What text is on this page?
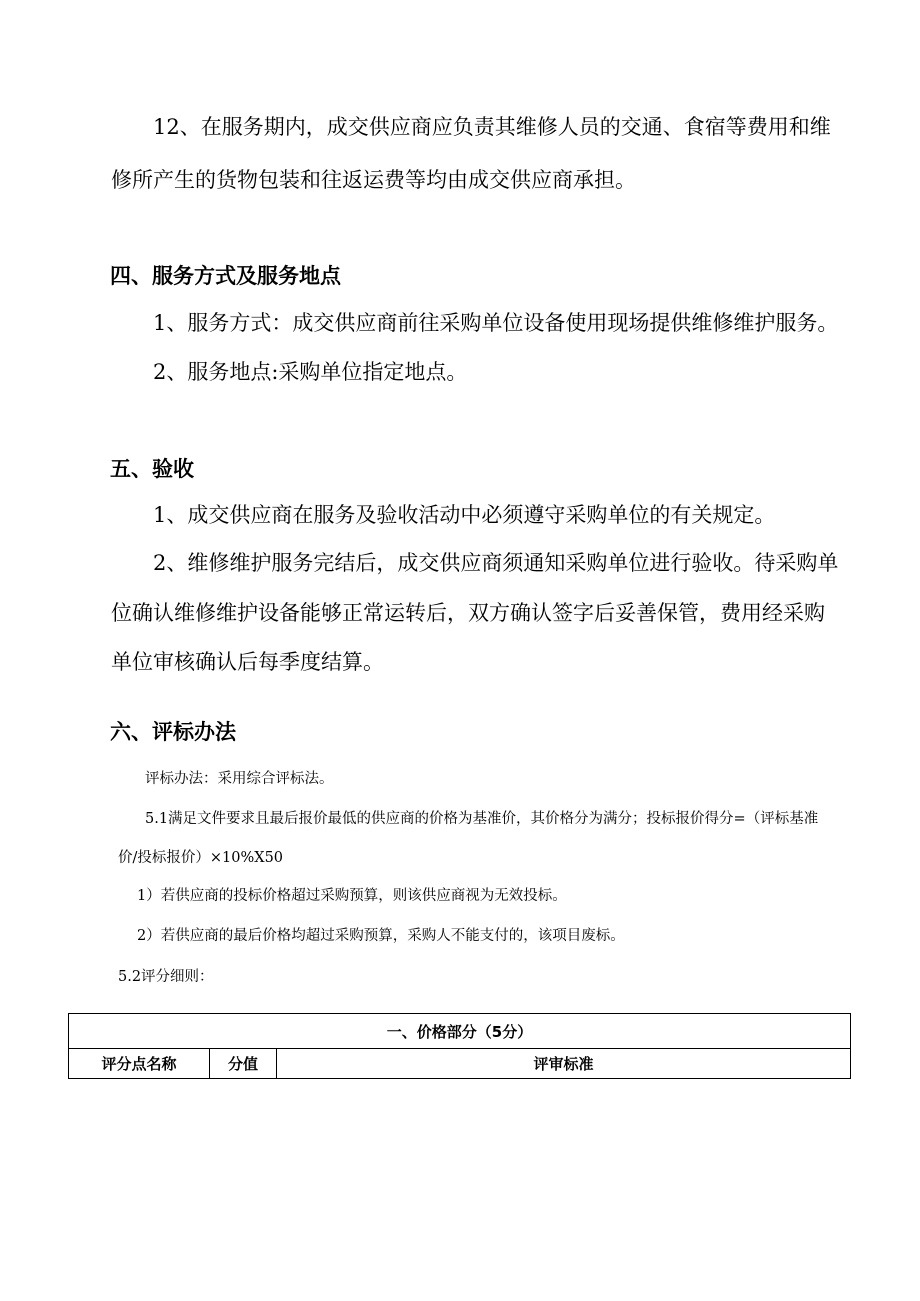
12、在服务期内，成交供应商应负责其维修人员的交通、食宿等费用和维
修所产生的货物包装和往返运费等均由成交供应商承担。
四、服务方式及服务地点
1、服务方式：成交供应商前往采购单位设备使用现场提供维修维护服务。
2、服务地点:采购单位指定地点。
五、验收
1、成交供应商在服务及验收活动中必须遵守采购单位的有关规定。
2、维修维护服务完结后，成交供应商须通知采购单位进行验收。待采购单
位确认维修维护设备能够正常运转后，双方确认签字后妥善保管，费用经采购
单位审核确认后每季度结算。
六、评标办法
评标办法：采用综合评标法。
5.1满足文件要求且最后报价最低的供应商的价格为基准价，其价格分为满分；投标报价得分=（评标基准
价/投标报价）×10%X50
1）若供应商的投标价格超过采购预算，则该供应商视为无效投标。
2）若供应商的最后价格均超过采购预算，采购人不能支付的，该项目废标。
5.2评分细则：
一、价格部分（5分）
评分点名称	分值	评审标准
